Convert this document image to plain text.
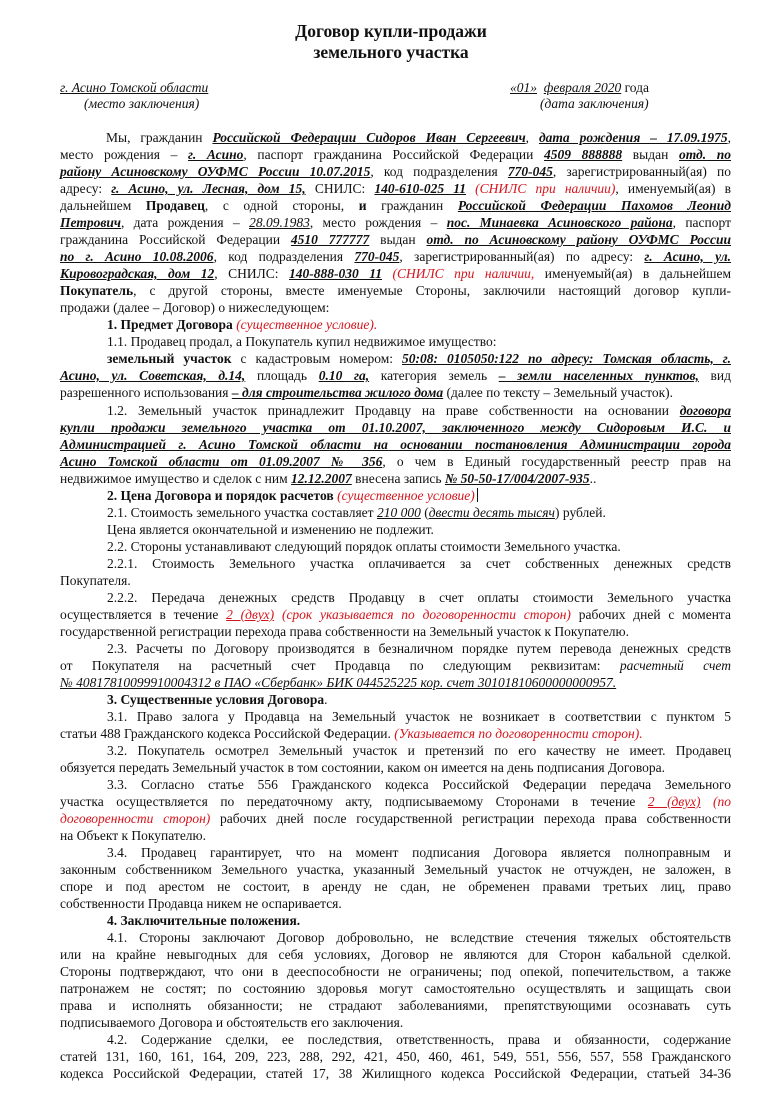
Договор купли-продажи
земельного участка
г. Асино Томской области
(место заключения)
«01» февраля 2020 года
(дата заключения)
Мы, гражданин Российской Федерации Сидоров Иван Сергеевич, дата рождения – 17.09.1975,
место рождения – г. Асино, паспорт гражданина Российской Федерации 4509 888888 выдан отд. по
району Асиновскому ОУФМС России 10.07.2015, код подразделения 770-045, зарегистрированный(ая) по
адресу: г. Асино, ул. Лесная, дом 15, СНИЛС: 140-610-025 11 (СНИЛС при наличии), именуемый(ая) в
дальнейшем Продавец, с одной стороны, и гражданин Российской Федерации Пахомов Леонид
Петрович, дата рождения – 28.09.1983, место рождения – пос. Минаевка Асиновского района, паспорт
гражданина Российской Федерации 4510 777777 выдан отд. по Асиновскому району ОУФМС России
по г. Асино 10.08.2006, код подразделения 770-045, зарегистрированный(ая) по адресу: г. Асино, ул.
Кировоградская, дом 12, СНИЛС: 140-888-030 11 (СНИЛС при наличии, именуемый(ая) в дальнейшем
Покупатель, с другой стороны, вместе именуемые Стороны, заключили настоящий договор купли-
продажи (далее – Договор) о нижеследующем:
1. Предмет Договора (существенное условие).
1.1. Продавец продал, а Покупатель купил недвижимое имущество:
земельный участок с кадастровым номером: 50:08: 0105050:122 по адресу: Томская область, г.
Асино, ул. Советская, д.14, площадь 0.10 га, категория земель – земли населенных пунктов, вид
разрешенного использования – для строительства жилого дома (далее по тексту – Земельный участок).
1.2. Земельный участок принадлежит Продавцу на праве собственности на основании договора
купли продажи земельного участка от 01.10.2007, заключенного между Сидоровым И.С. и
Администрацией г. Асино Томской области на основании постановления Администрации города
Асино Томской области от 01.09.2007 № 356, о чем в Единый государственный реестр прав на
недвижимое имущество и сделок с ним 12.12.2007 внесена запись № 50-50-17/004/2007-935..
2. Цена Договора и порядок расчетов (существенное условие)
2.1. Стоимость земельного участка составляет 210 000 (двести десять тысяч) рублей.
Цена является окончательной и изменению не подлежит.
2.2. Стороны устанавливают следующий порядок оплаты стоимости Земельного участка.
2.2.1. Стоимость Земельного участка оплачивается за счет собственных денежных средств
Покупателя.
2.2.2. Передача денежных средств Продавцу в счет оплаты стоимости Земельного участка
осуществляется в течение 2 (двух) (срок указывается по договоренности сторон) рабочих дней с момента
государственной регистрации перехода права собственности на Земельный участок к Покупателю.
2.3. Расчеты по Договору производятся в безналичном порядке путем перевода денежных средств
от Покупателя на расчетный счет Продавца по следующим реквизитам: расчетный счет
№ 40817810099910004312 в ПАО «Сбербанк» БИК 044525225 кор. счет 30101810600000000957.
3. Существенные условия Договора.
3.1. Право залога у Продавца на Земельный участок не возникает в соответствии с пунктом 5
статьи 488 Гражданского кодекса Российской Федерации. (Указывается по договоренности сторон).
3.2. Покупатель осмотрел Земельный участок и претензий по его качеству не имеет. Продавец
обязуется передать Земельный участок в том состоянии, каком он имеется на день подписания Договора.
3.3. Согласно статье 556 Гражданского кодекса Российской Федерации передача Земельного
участка осуществляется по передаточному акту, подписываемому Сторонами в течение 2 (двух) (по
договоренности сторон) рабочих дней после государственной регистрации перехода права собственности
на Объект к Покупателю.
3.4. Продавец гарантирует, что на момент подписания Договора является полноправным и
законным собственником Земельного участка, указанный Земельный участок не отчужден, не заложен, в
споре и под арестом не состоит, в аренду не сдан, не обременен правами третьих лиц, право
собственности Продавца никем не оспаривается.
4. Заключительные положения.
4.1. Стороны заключают Договор добровольно, не вследствие стечения тяжелых обстоятельств
или на крайне невыгодных для себя условиях, Договор не являются для Сторон кабальной сделкой.
Стороны подтверждают, что они в дееспособности не ограничены; под опекой, попечительством, а также
патронажем не состят; по состоянию здоровья могут самостоятельно осуществлять и защищать свои
права и исполнять обязанности; не страдают заболеваниями, препятствующими осознавать суть
подписываемого Договора и обстоятельств его заключения.
4.2. Содержание сделки, ее последствия, ответственность, права и обязанности, содержание
статей 131, 160, 161, 164, 209, 223, 288, 292, 421, 450, 460, 461, 549, 551, 556, 557, 558 Гражданского
кодекса Российской Федерации, статей 17, 38 Жилищного кодекса Российской Федерации, статьей 34-36
